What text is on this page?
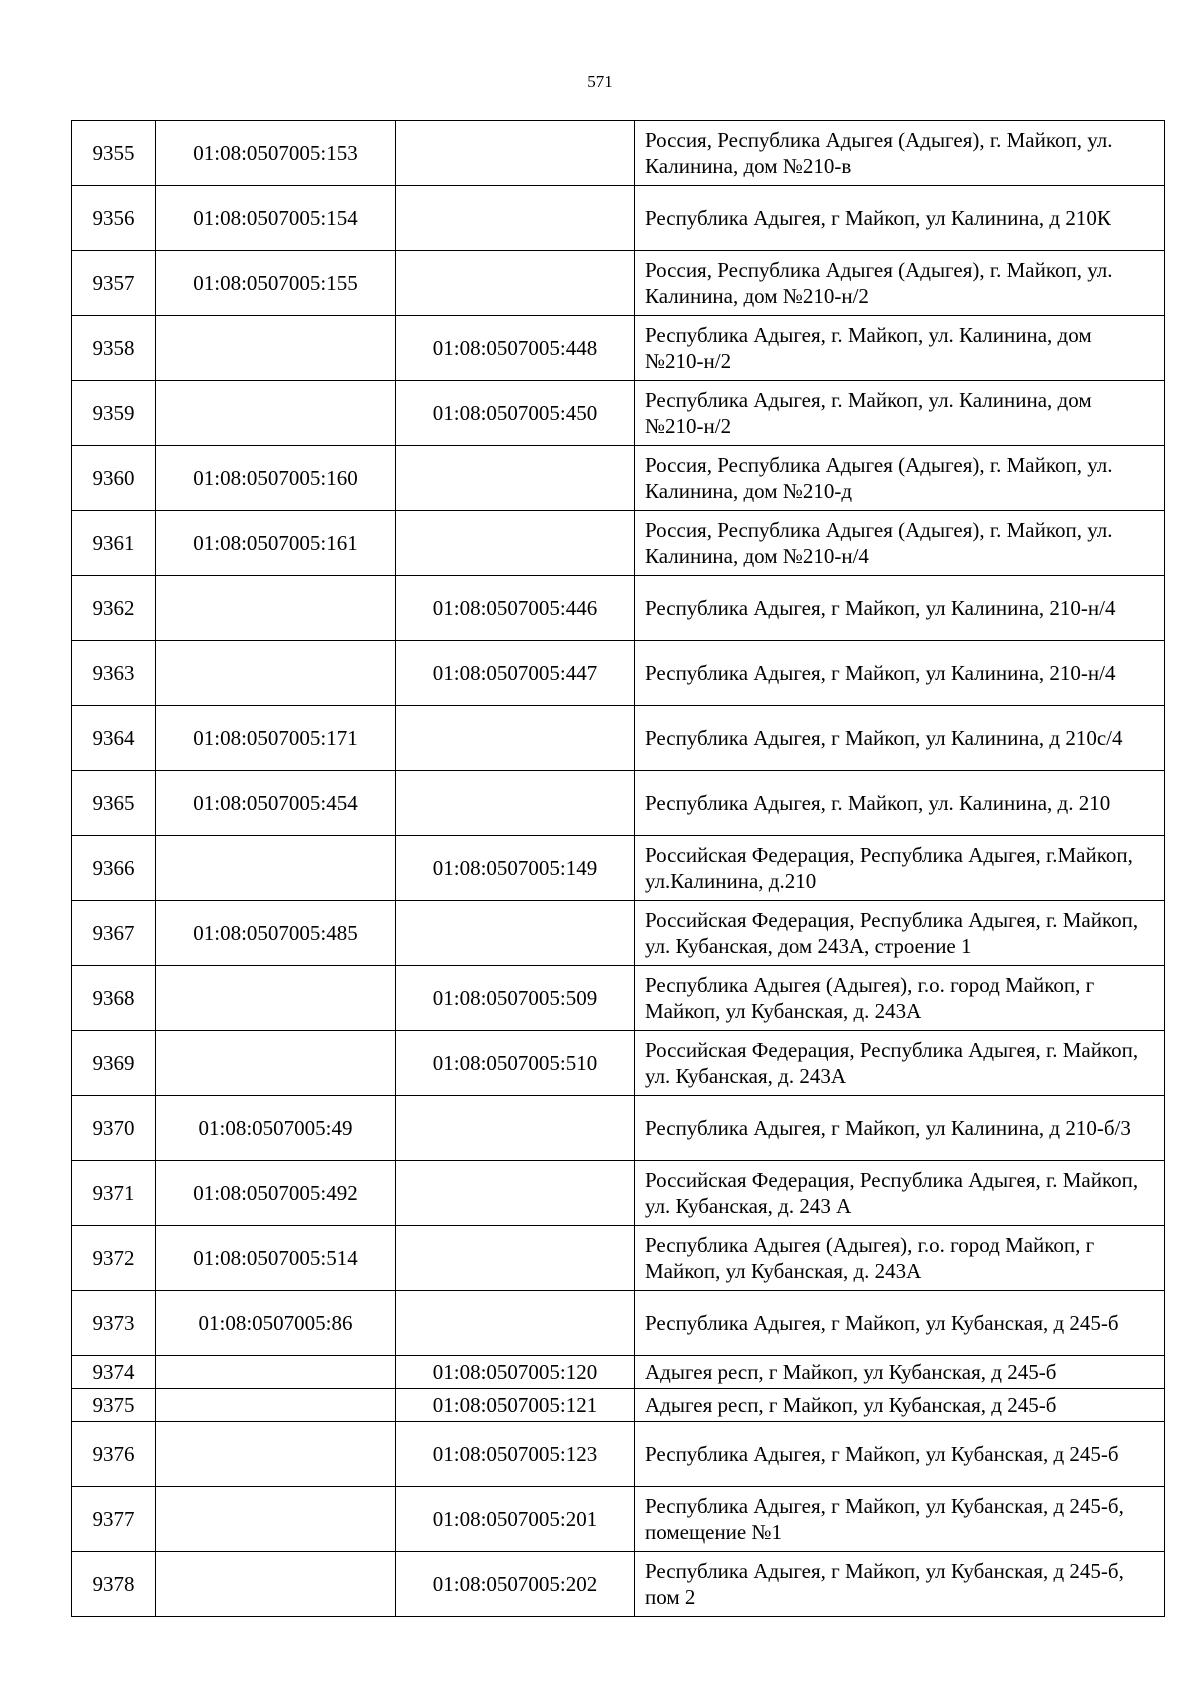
571
9355	01:08:0507005:153		Россия, Республика Адыгея (Адыгея), г. Майкоп, ул. Калинина, дом №210-в
9356	01:08:0507005:154		Республика Адыгея, г Майкоп, ул Калинина, д 210К
9357	01:08:0507005:155		Россия, Республика Адыгея (Адыгея), г. Майкоп, ул. Калинина, дом №210-н/2
9358		01:08:0507005:448	Республика Адыгея, г. Майкоп, ул. Калинина, дом №210-н/2
9359		01:08:0507005:450	Республика Адыгея, г. Майкоп, ул. Калинина, дом №210-н/2
9360	01:08:0507005:160		Россия, Республика Адыгея (Адыгея), г. Майкоп, ул. Калинина, дом №210-д
9361	01:08:0507005:161		Россия, Республика Адыгея (Адыгея), г. Майкоп, ул. Калинина, дом №210-н/4
9362		01:08:0507005:446	Республика Адыгея, г Майкоп, ул Калинина, 210-н/4
9363		01:08:0507005:447	Республика Адыгея, г Майкоп, ул Калинина, 210-н/4
9364	01:08:0507005:171		Республика Адыгея, г Майкоп, ул Калинина, д 210с/4
9365	01:08:0507005:454		Республика Адыгея, г. Майкоп, ул. Калинина, д. 210
9366		01:08:0507005:149	Российская Федерация, Республика Адыгея, г.Майкоп, ул.Калинина, д.210
9367	01:08:0507005:485		Российская Федерация, Республика Адыгея, г. Майкоп, ул. Кубанская, дом 243А, строение 1
9368		01:08:0507005:509	Республика Адыгея (Адыгея), г.о. город Майкоп, г Майкоп, ул Кубанская, д. 243А
9369		01:08:0507005:510	Российская Федерация, Республика Адыгея, г. Майкоп, ул. Кубанская, д. 243А
9370	01:08:0507005:49		Республика Адыгея, г Майкоп, ул Калинина, д 210-б/3
9371	01:08:0507005:492		Российская Федерация, Республика Адыгея, г. Майкоп, ул. Кубанская, д. 243 А
9372	01:08:0507005:514		Республика Адыгея (Адыгея), г.о. город Майкоп, г Майкоп, ул Кубанская, д. 243А
9373	01:08:0507005:86		Республика Адыгея, г Майкоп, ул Кубанская, д 245-б
9374		01:08:0507005:120	Адыгея респ, г Майкоп, ул Кубанская, д 245-б
9375		01:08:0507005:121	Адыгея респ, г Майкоп, ул Кубанская, д 245-б
9376		01:08:0507005:123	Республика Адыгея, г Майкоп, ул Кубанская, д 245-б
9377		01:08:0507005:201	Республика Адыгея, г Майкоп, ул Кубанская, д 245-б, помещение №1
9378		01:08:0507005:202	Республика Адыгея, г Майкоп, ул Кубанская, д 245-б, пом 2
